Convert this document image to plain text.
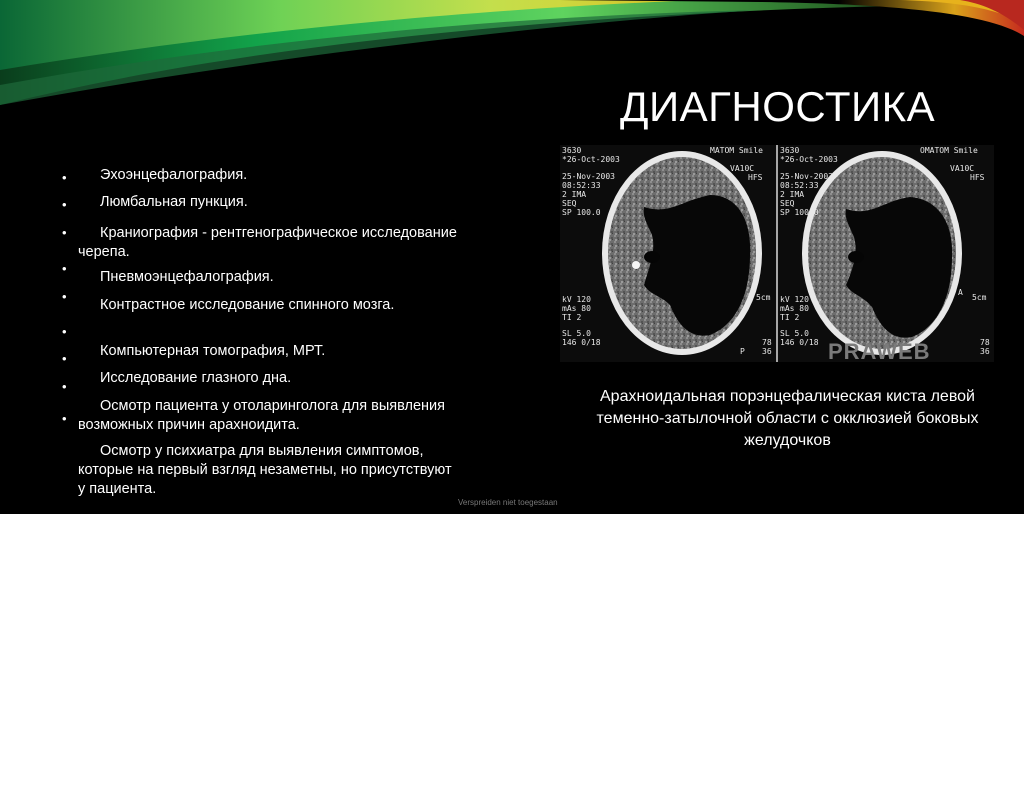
ДИАГНОСТИКА
•
•
•
•
•
•
•
•
•
Эхоэнцефалография.
Люмбальная пункция.
Краниография - рентгенографическое исследование черепа.
Пневмоэнцефалография.
Контрастное исследование спинного мозга.
Компьютерная томография, МРТ.
Исследование глазного дна.
Осмотр пациента у отоларинголога для выявления возможных причин арахноидита.
Осмотр у психиатра для выявления симптомов, которые на первый взгляд незаметны, но присутствуют у пациента.
3630
*26-Oct-2003
25-Nov-2003
08:52:33
2 IMA
SEQ
SP 100.0
MATOM Smile
VA10C
HFS
kV 120
mAs 80
TI 2
SL 5.0
146 0/18
5cm
78
36
P
3630
*26-Oct-2003
25-Nov-2003
08:52:33
2 IMA
SEQ
SP 100.0
OMATOM Smile
VA10C
HFS
kV 120
mAs 80
TI 2
SL 5.0
146 0/18
5cm
78
36
A
PRAWEB
Арахноидальная порэнцефалическая киста левой теменно-затылочной области с окклюзией боковых желудочков
Verspreiden niet toegestaan
